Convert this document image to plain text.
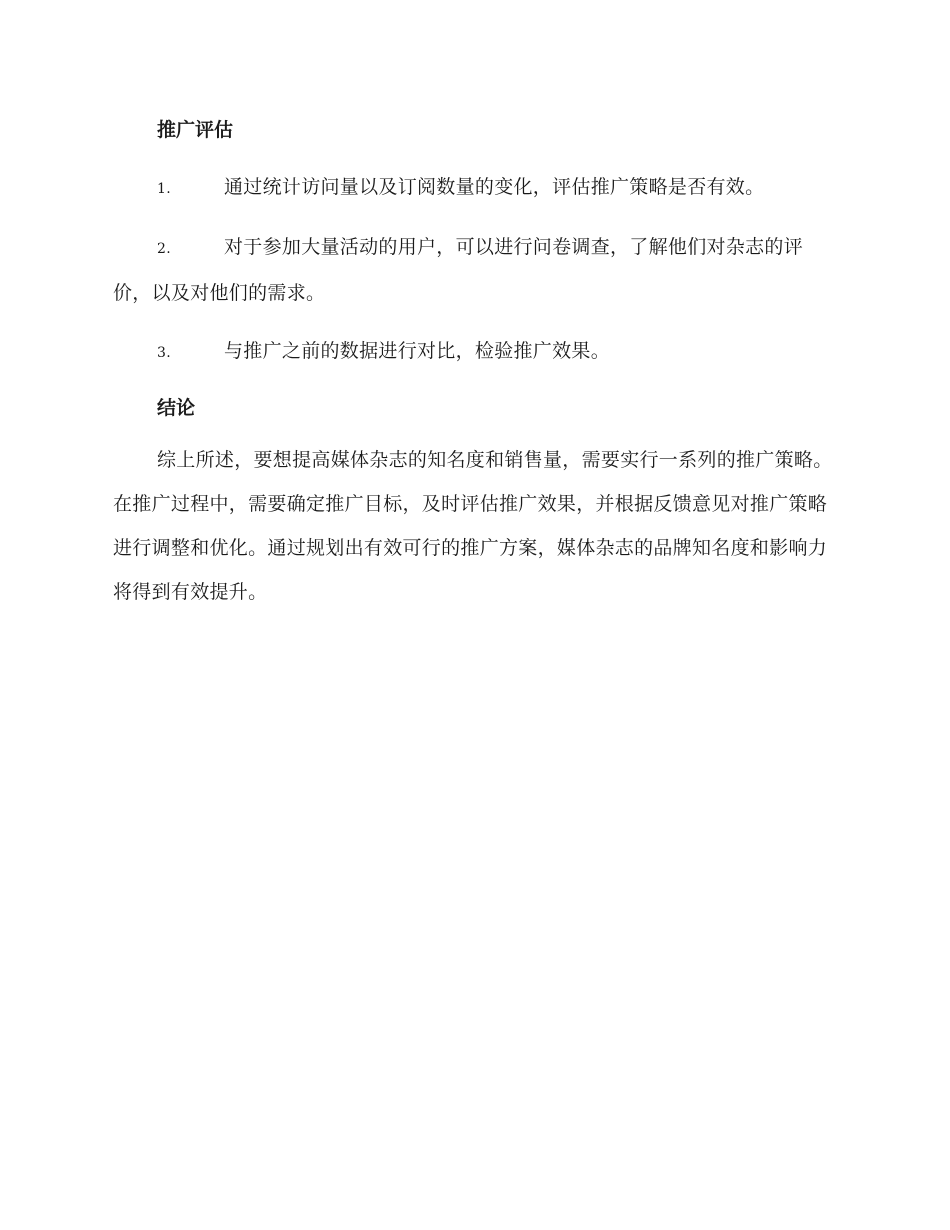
推广评估

1.	通过统计访问量以及订阅数量的变化，评估推广策略是否有效。

2.	对于参加大量活动的用户，可以进行问卷调查，了解他们对杂志的评价，以及对他们的需求。

3.	与推广之前的数据进行对比，检验推广效果。

结论

综上所述，要想提高媒体杂志的知名度和销售量，需要实行一系列的推广策略。在推广过程中，需要确定推广目标，及时评估推广效果，并根据反馈意见对推广策略进行调整和优化。通过规划出有效可行的推广方案，媒体杂志的品牌知名度和影响力将得到有效提升。
